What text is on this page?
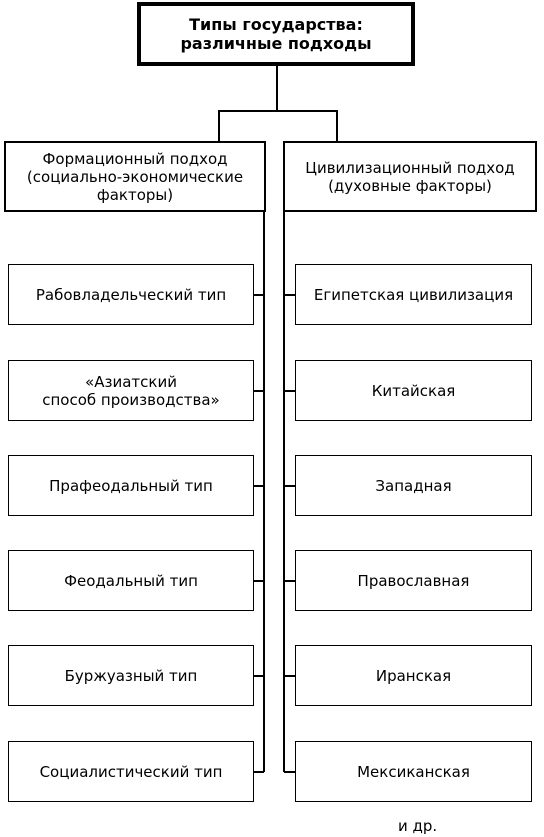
Типы государства:
различные подходы
Формационный подход
(социально-экономические
факторы)
Цивилизационный подход
(духовные факторы)
Рабовладельческий тип
«Азиатский
способ производства»
Прафеодальный тип
Феодальный тип
Буржуазный тип
Социалистический тип
Египетская цивилизация
Китайская
Западная
Православная
Иранская
Мексиканская
и др.
